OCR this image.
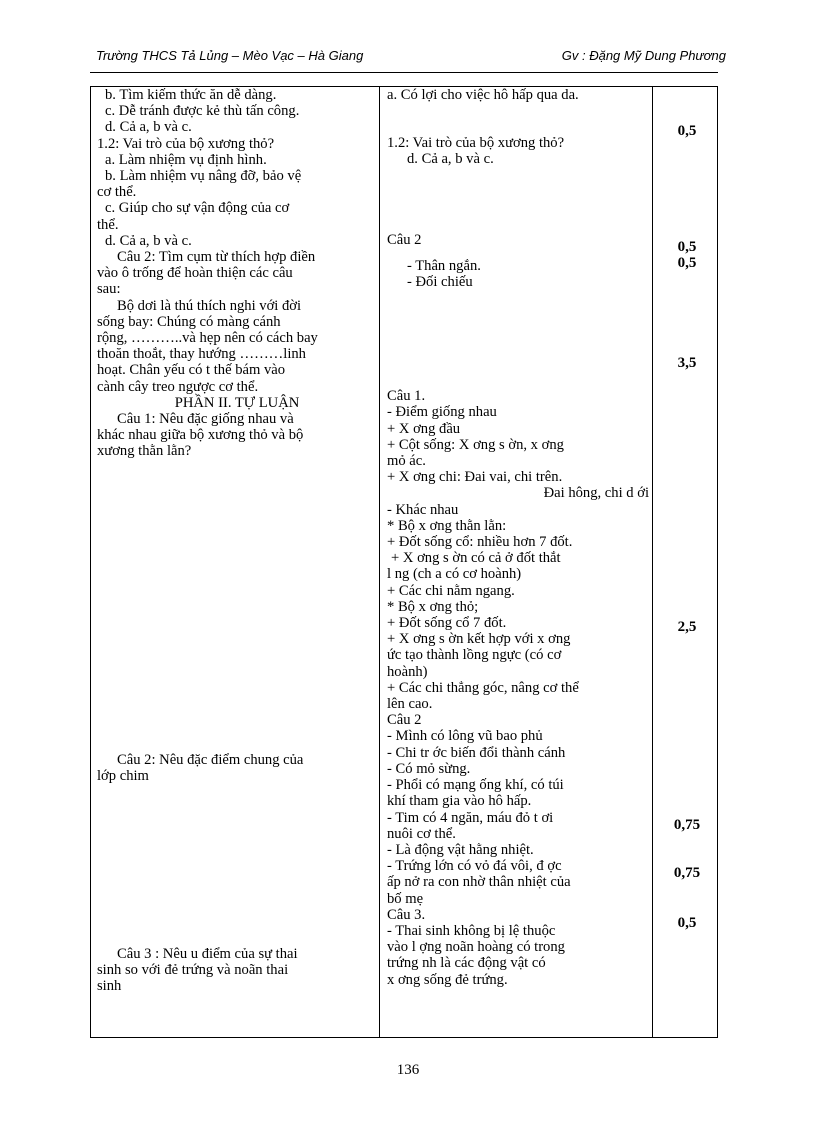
Trường THCS Tả Lủng – Mèo Vạc – Hà Giang	Gv : Đặng Mỹ Dung Phương

b. Tìm kiếm thức ăn dễ dàng.

c. Dễ tránh được kẻ thù tấn công.

d. Cả a, b và c.

1.2: Vai trò của bộ xương thỏ?

a. Làm nhiệm vụ định hình.

b. Làm nhiệm vụ nâng đỡ, bảo vệ

cơ thể.

c. Giúp cho sự vận động của cơ

thể.

d. Cả a, b và c.

Câu 2: Tìm cụm từ thích hợp điền

vào ô trống để hoàn thiện các câu

sau:

Bộ dơi là thú thích nghi với đời

sống bay: Chúng có màng cánh

rộng, ………..và hẹp nên có cách bay

thoăn thoắt, thay hướng ………linh

hoạt. Chân yếu có t thế bám vào

cành cây treo ngược cơ thể.

PHẦN II. TỰ LUẬN

Câu 1: Nêu đặc giống nhau và

khác nhau giữa bộ xương thỏ và bộ

xương thằn lằn?

Câu 2: Nêu đặc điểm chung của

lớp chim

Câu 3 : Nêu u điểm của sự thai

sinh so với đẻ trứng và noãn thai

sinh

a. Có lợi cho việc hô hấp qua da.

1.2: Vai trò của bộ xương thỏ?

d. Cả a, b và c.

Câu 2

- Thân ngắn.

- Đối chiếu

Câu 1.

- Điểm giống nhau

+ X ơng đầu

+ Cột sống: X ơng s ờn, x ơng

mỏ ác.

+ X ơng chi: Đai vai, chi trên.

Đai hông, chi d ới

- Khác nhau

* Bộ x ơng thằn lằn:

+ Đốt sống cổ: nhiều hơn 7 đốt.

+ X ơng s ờn có cả ở đốt thắt

l ng (ch a có cơ hoành)

+ Các chi nằm ngang.

* Bộ x ơng thỏ;

+ Đốt sống cổ 7 đốt.

+ X ơng s ờn kết hợp với x ơng

ức tạo thành lồng ngực (có cơ

hoành)

+ Các chi thẳng góc, nâng cơ thể

lên cao.

Câu 2

- Mình có lông vũ bao phủ

- Chi tr ớc biến đổi thành cánh

- Có mỏ sừng.

- Phổi có mạng ống khí, có túi

khí tham gia vào hô hấp.

- Tim có 4 ngăn, máu đỏ t ơi

nuôi cơ thể.

- Là động vật hằng nhiệt.

- Trứng lớn có vỏ đá vôi, đ ợc

ấp nở ra con nhờ thân nhiệt của

bố mẹ

Câu 3.

- Thai sinh không bị lệ thuộc

vào l ợng noãn hoàng có trong

trứng nh là các động vật có

x ơng sống đẻ trứng.

0,5
0,5
0,5
3,5
2,5
0,75
0,75
0,5
136
